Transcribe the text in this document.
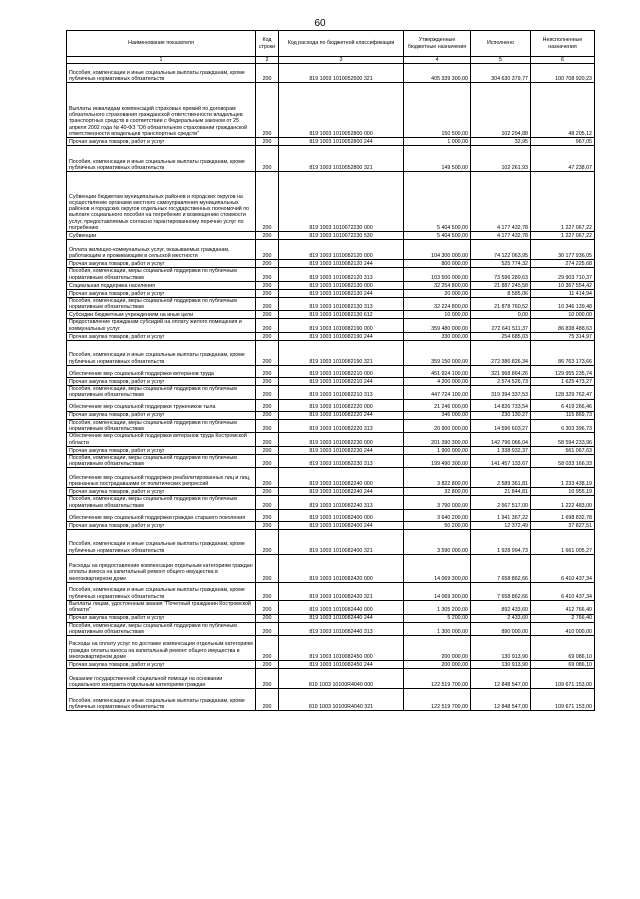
60
Наименование показателя	Код строки	Код расхода по бюджетной классификации	Утвержденные бюджетные назначения	Исполнено	Неисполненные назначения
1	2	3	4	5	6
Пособия, компенсации и иные социальные выплаты гражданам, кроме публичных нормативных обязательств	200	819 1003 1010052500 321	405 339 300,00	304 630 379,77	100 708 920,23
Выплаты инвалидам компенсаций страховых премий по договорам обязательного страхования гражданской ответственности владельцев транспортных средств в соответствии с Федеральным законом от 25 апреля 2002 года № 40-ФЗ "Об обязательном страховании гражданской ответственности владельцев транспортных средств"	200	819 1003 1010052800 000	150 500,00	102 294,88	48 205,12
Прочая закупка товаров, работ и услуг	200	819 1003 1010052800 244	1 000,00	32,95	967,05
Пособия, компенсации и иные социальные выплаты гражданам, кроме публичных нормативных обязательств	200	819 1003 1010052800 321	149 500,00	102 261,93	47 238,07
Субвенции бюджетам муниципальных районов и городских округов на осуществление органами местного самоуправления муниципальных районов и городских округов отдельных государственных полномочий по выплате социального пособия на погребение и возмещению стоимости услуг, предоставляемых согласно гарантированному перечню услуг по погребению	200	819 1003 1010072230 000	5 404 500,00	4 177 432,78	1 227 067,22
Субвенции	200	819 1003 1010072230 530	5 404 500,00	4 177 432,78	1 227 067,22
Оплата жилищно-коммунальных услуг, оказываемых гражданам, работающим и проживающим в сельской местности	200	819 1003 1010082120 000	104 300 000,00	74 122 063,95	30 177 936,05
Прочая закупка товаров, работ и услуг	200	819 1003 1010082120 244	800 000,00	525 774,32	274 225,68
Пособия, компенсации, меры социальной поддержки по публичным нормативным обязательствам	200	819 1003 1010082120 313	103 500 000,00	73 596 289,63	29 903 710,37
Социальная поддержка населения	200	819 1003 1010082130 000	32 254 800,00	21 887 245,58	10 367 554,42
Прочая закупка товаров, работ и услуг	200	819 1003 1010082130 244	20 000,00	8 585,06	11 414,94
Пособия, компенсации, меры социальной поддержки по публичным нормативным обязательствам	200	819 1003 1010082130 313	32 224 800,00	21 878 760,52	10 346 139,48
Субсидии бюджетным учреждениям на иные цели	200	819 1003 1010082130 612	10 000,00	0,00	10 000,00
Предоставление гражданам субсидий на оплату жилого помещения и коммунальных услуг	200	819 1003 1010082190 000	359 480 000,00	272 641 511,37	86 838 488,63
Прочая закупка товаров, работ и услуг	200	819 1003 1010082190 244	330 000,00	254 685,03	75 314,97
Пособия, компенсации и иные социальные выплаты гражданам, кроме публичных нормативных обязательств	200	819 1003 1010082190 321	359 150 000,00	272 386 826,34	86 763 173,66
Обеспечение мер социальной поддержки ветеранов труда	200	819 1003 1010082210 000	451 924 100,00	321 968 864,26	129 955 235,74
Прочая закупка товаров, работ и услуг	200	819 1003 1010082210 244	4 200 000,00	2 574 526,73	1 625 473,27
Пособия, компенсации, меры социальной поддержки по публичным нормативным обязательствам	200	819 1003 1010082210 313	447 724 100,00	319 394 337,53	128 329 762,47
Обеспечение мер социальной поддержки тружеников тыла	200	819 1003 1010082220 000	21 246 000,00	14 826 733,54	6 419 266,46
Прочая закупка товаров, работ и услуг	200	819 1003 1010082220 244	346 000,00	230 130,27	115 869,73
Пособия, компенсации, меры социальной поддержки по публичным нормативным обязательствам	200	819 1003 1010082220 313	20 900 000,00	14 596 603,27	6 303 396,73
Обеспечение мер социальной поддержки ветеранов труда Костромской области	200	819 1003 1010082230 000	201 390 300,00	142 796 066,04	58 594 233,96
Прочая закупка товаров, работ и услуг	200	819 1003 1010082230 244	1 900 000,00	1 338 932,37	561 067,63
Пособия, компенсации, меры социальной поддержки по публичным нормативным обязательствам	200	819 1003 1010082230 313	199 490 300,00	141 457 133,67	58 033 166,33
Обеспечение мер социальной поддержки реабилитированных лиц и лиц, признанных пострадавшими от политических репрессий	200	819 1003 1010082240 000	3 822 800,00	2 589 361,81	1 233 438,19
Прочая закупка товаров, работ и услуг	200	819 1003 1010082240 244	32 800,00	21 844,81	10 955,19
Пособия, компенсации, меры социальной поддержки по публичным нормативным обязательствам	200	819 1003 1010082240 313	3 790 000,00	2 567 517,00	1 222 483,00
Обеспечение мер социальной поддержки граждан старшего поколения	200	819 1003 1010082400 000	3 640 200,00	1 941 367,22	1 698 832,78
Прочая закупка товаров, работ и услуг	200	819 1003 1010082400 244	50 200,00	12 372,49	37 827,51
Пособия, компенсации и иные социальные выплаты гражданам, кроме публичных нормативных обязательств	200	819 1003 1010082400 321	3 590 000,00	1 928 994,73	1 661 005,27
Расходы на предоставление компенсации отдельным категориям граждан оплаты взноса на капитальный ремонт общего имущества в многоквартирном доме	200	819 1003 1010082420 000	14 069 300,00	7 658 862,66	6 410 437,34
Пособия, компенсации и иные социальные выплаты гражданам, кроме публичных нормативных обязательств	200	819 1003 1010082420 321	14 069 300,00	7 658 862,66	6 410 437,34
Выплаты лицам, удостоенным звания "Почетный гражданин Костромской области"	200	819 1003 1010082440 000	1 305 200,00	892 433,60	412 766,40
Прочая закупка товаров, работ и услуг	200	819 1003 1010082440 244	5 200,00	2 433,60	2 766,40
Пособия, компенсации, меры социальной поддержки по публичным нормативным обязательствам	200	819 1003 1010082440 313	1 300 000,00	890 000,00	410 000,00
Расходы на оплату услуг по доставке компенсации отдельным категориям граждан оплаты взноса на капитальный ремонт общего имущества в многоквартирном доме	200	819 1003 1010082450 000	200 000,00	130 913,90	69 086,10
Прочая закупка товаров, работ и услуг	200	819 1003 1010082450 244	200 000,00	130 913,90	69 086,10
Оказание государственной социальной помощи на основании социального контракта отдельным категориям граждан	200	819 1003 10100R4040 000	122 519 700,00	12 848 547,00	109 671 153,00
Пособия, компенсации и иные социальные выплаты гражданам, кроме публичных нормативных обязательств	200	819 1003 10100R4040 321	122 519 700,00	12 848 547,00	109 671 153,00
